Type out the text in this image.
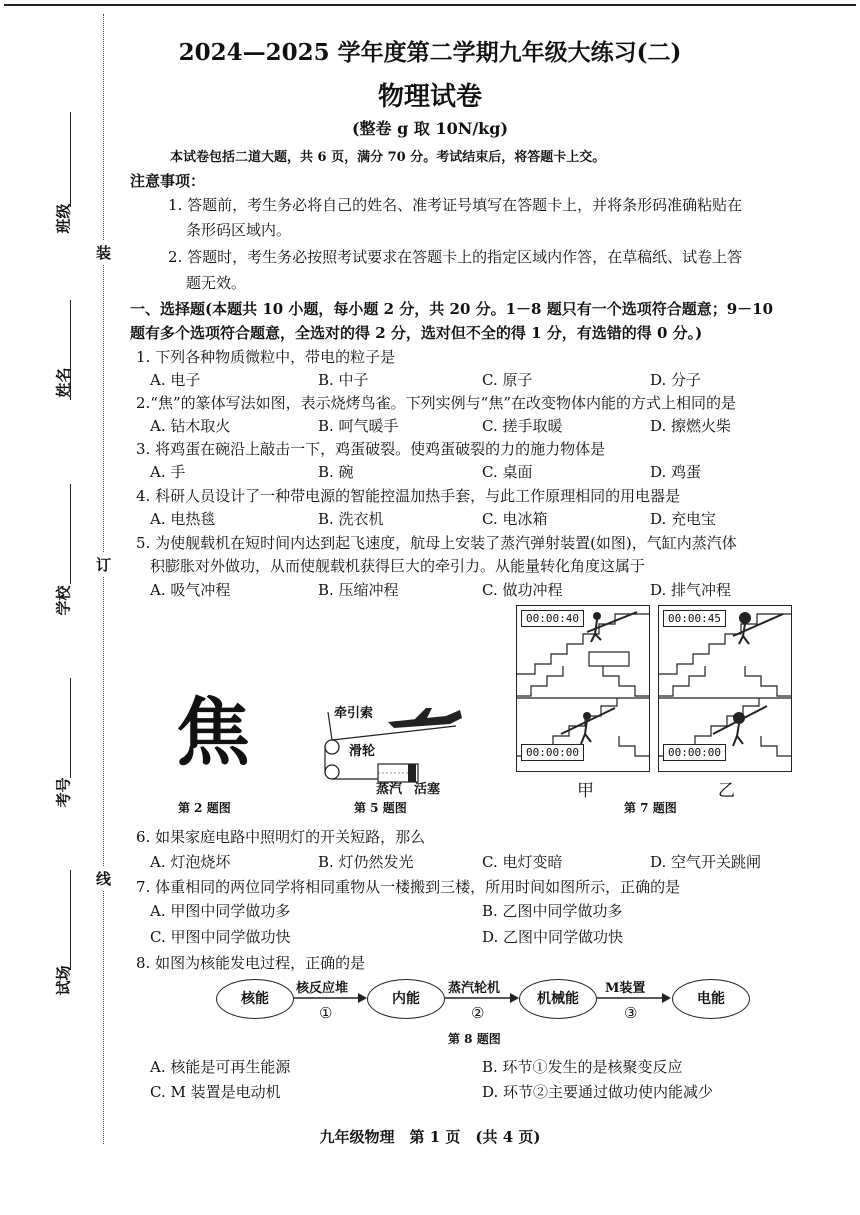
班级
姓名
学校
考号
试场
装
订
线
2024—2025 学年度第二学期九年级大练习(二)
物理试卷
(整卷 g 取 10N/kg)
本试卷包括二道大题，共 6 页，满分 70 分。考试结束后，将答题卡上交。
注意事项：
1. 答题前，考生务必将自己的姓名、准考证号填写在答题卡上，并将条形码准确粘贴在
条形码区域内。
2. 答题时，考生务必按照考试要求在答题卡上的指定区域内作答，在草稿纸、试卷上答
题无效。
一、选择题(本题共 10 小题，每小题 2 分，共 20 分。1－8 题只有一个选项符合题意；9－10
题有多个选项符合题意，全选对的得 2 分，选对但不全的得 1 分，有选错的得 0 分。)
1. 下列各种物质微粒中，带电的粒子是
A. 电子	B. 中子	C. 原子	D. 分子
2.“焦”的篆体写法如图，表示烧烤鸟雀。下列实例与“焦”在改变物体内能的方式上相同的是
A. 钻木取火	B. 呵气暖手	C. 搓手取暖	D. 擦燃火柴
3. 将鸡蛋在碗沿上敲击一下，鸡蛋破裂。使鸡蛋破裂的力的施力物体是
A. 手	B. 碗	C. 桌面	D. 鸡蛋
4. 科研人员设计了一种带电源的智能控温加热手套，与此工作原理相同的用电器是
A. 电热毯	B. 洗衣机	C. 电冰箱	D. 充电宝
5. 为使舰载机在短时间内达到起飞速度，航母上安装了蒸汽弹射装置(如图)，气缸内蒸汽体
积膨胀对外做功，从而使舰载机获得巨大的牵引力。从能量转化角度这属于
A. 吸气冲程	B. 压缩冲程	C. 做功冲程	D. 排气冲程
焦
第 2 题图
牵引索
滑轮
蒸汽 活塞
第 5 题图
00:00:40
00:00:00
甲
00:00:45
00:00:00
乙
第 7 题图
6. 如果家庭电路中照明灯的开关短路，那么
A. 灯泡烧坏	B. 灯仍然发光	C. 电灯变暗	D. 空气开关跳闸
7. 体重相同的两位同学将相同重物从一楼搬到三楼，所用时间如图所示，正确的是
A. 甲图中同学做功多	B. 乙图中同学做功多
C. 甲图中同学做功快	D. 乙图中同学做功快
8. 如图为核能发电过程，正确的是
核能	内能	机械能	电能
核反应堆
①
蒸汽轮机
②
M装置
③
第 8 题图
A. 核能是可再生能源	B. 环节①发生的是核聚变反应
C. M 装置是电动机	D. 环节②主要通过做功使内能减少
九年级物理　第 1 页　(共 4 页)
